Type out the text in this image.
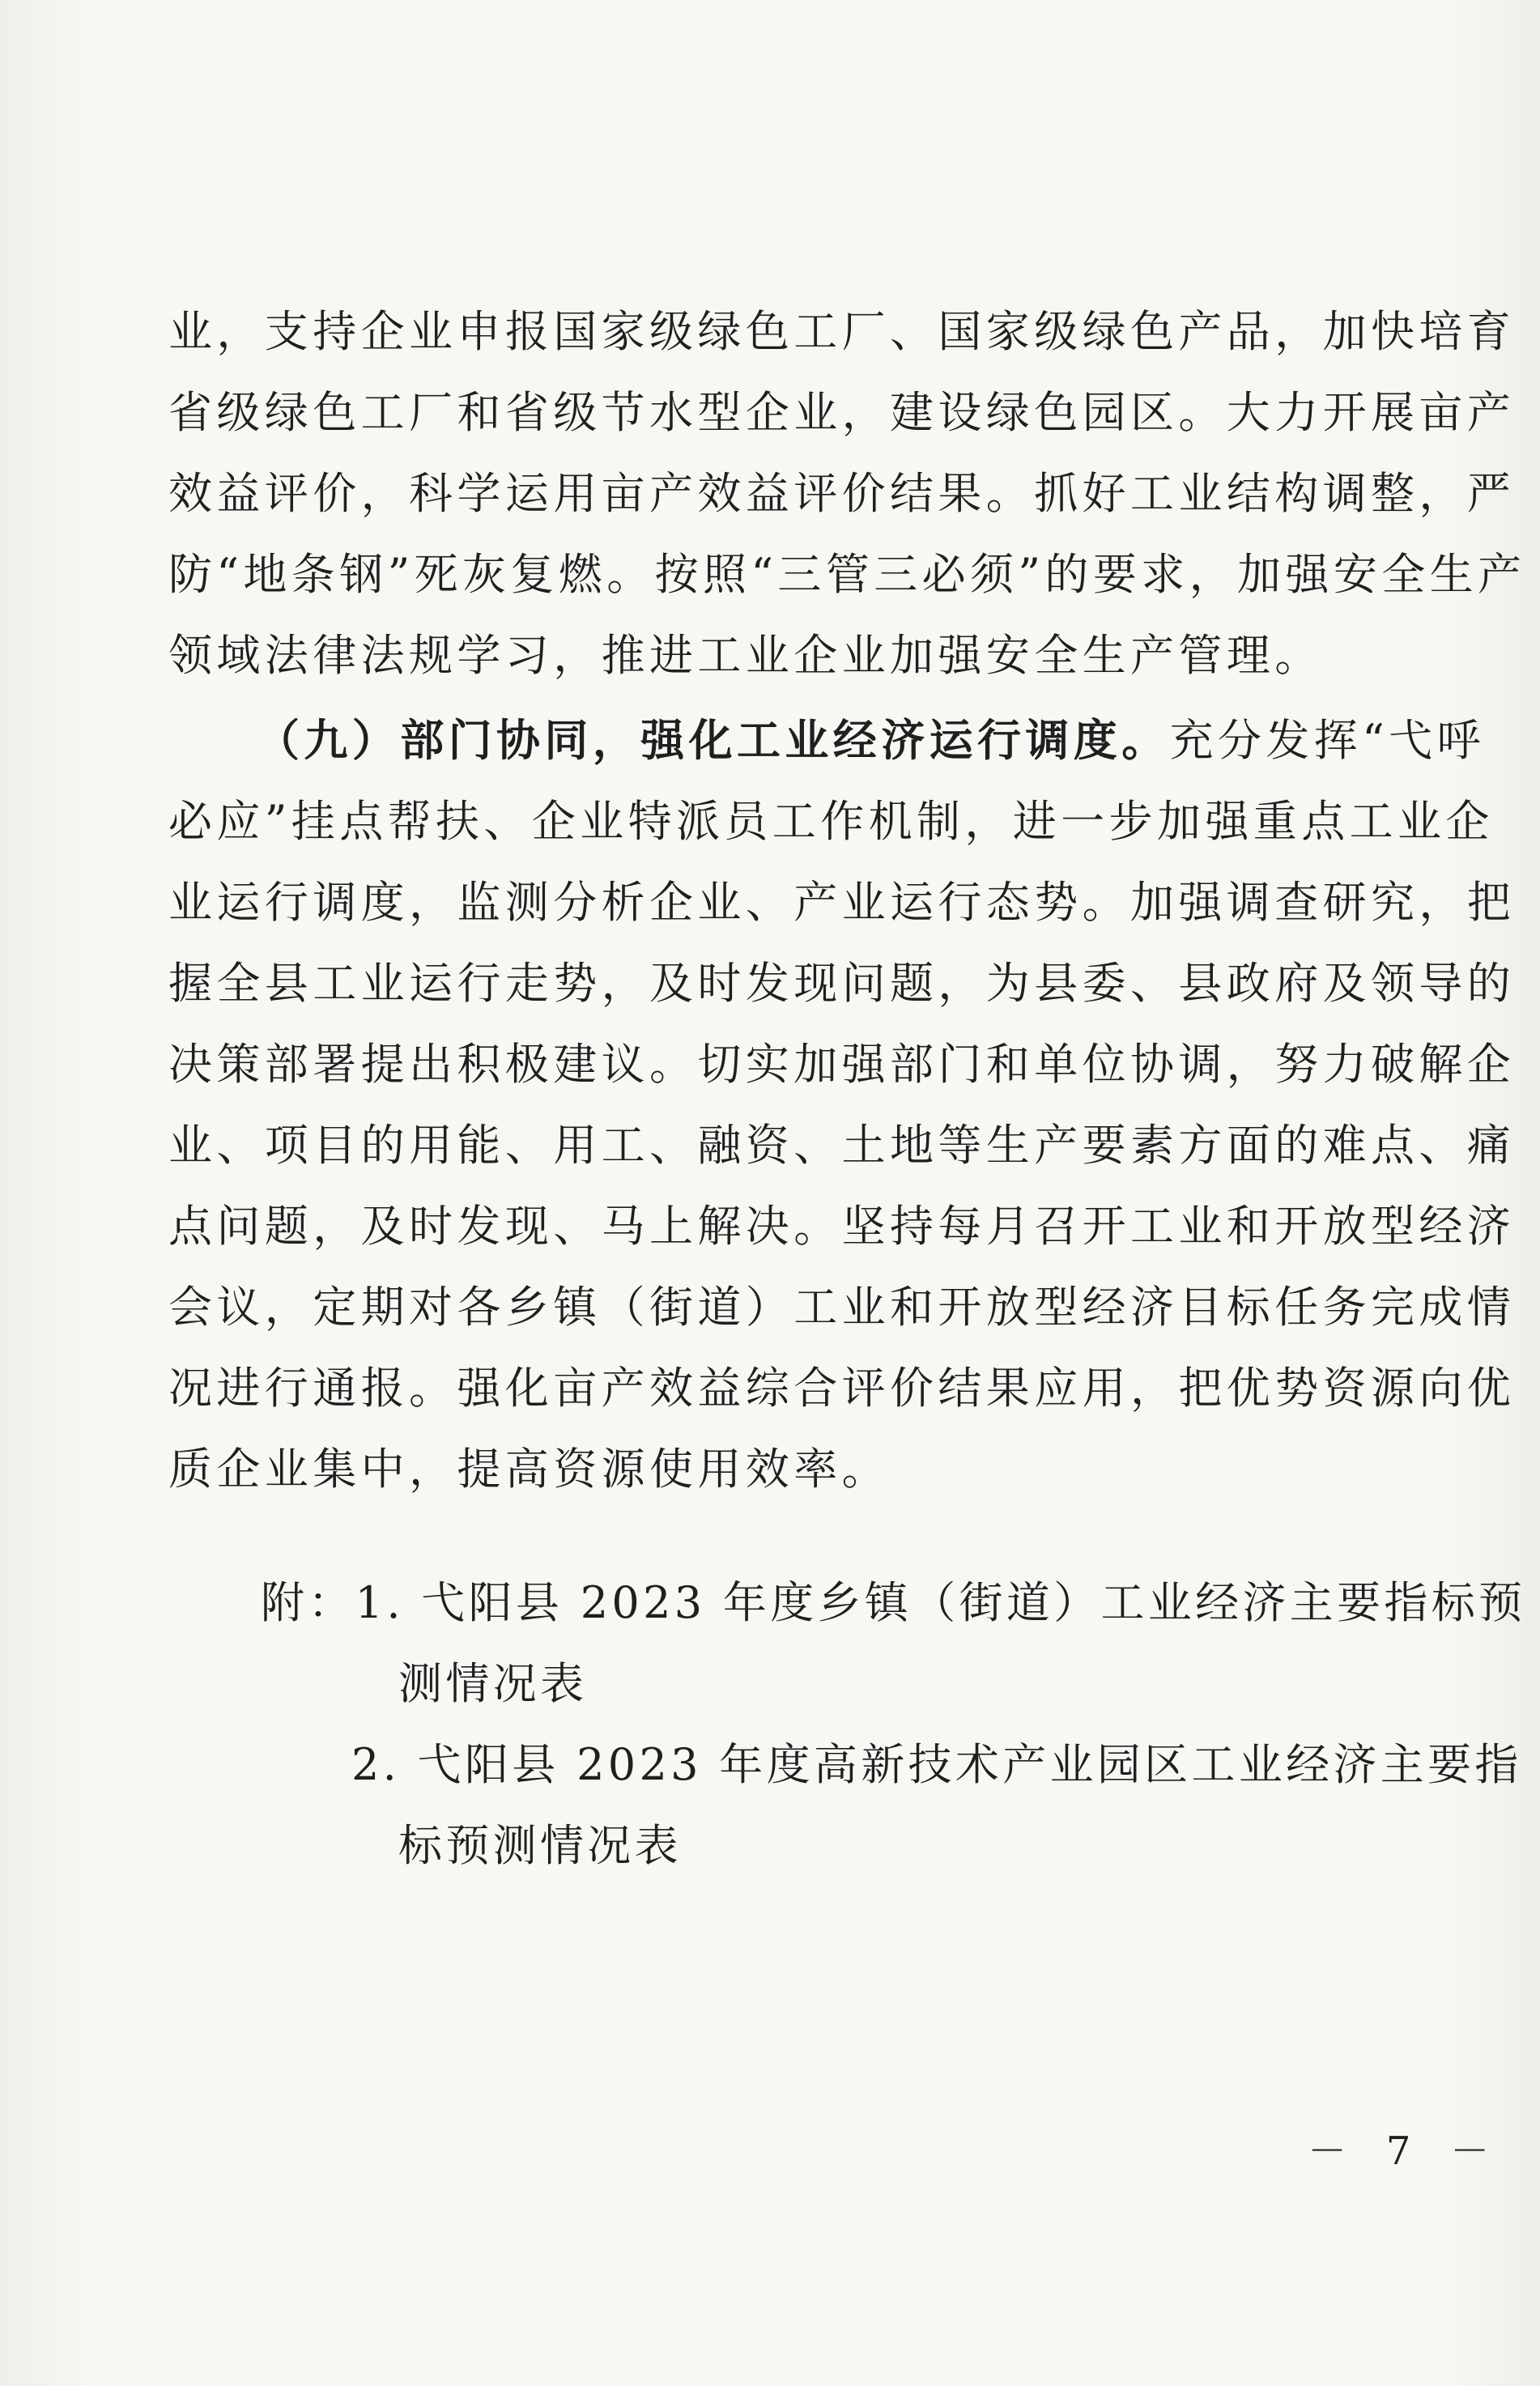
业，支持企业申报国家级绿色工厂、国家级绿色产品，加快培育
省级绿色工厂和省级节水型企业，建设绿色园区。大力开展亩产
效益评价，科学运用亩产效益评价结果。抓好工业结构调整，严
防“地条钢”死灰复燃。按照“三管三必须”的要求，加强安全生产
领域法律法规学习，推进工业企业加强安全生产管理。
（九）部门协同，强化工业经济运行调度。 充分发挥“弋呼
必应”挂点帮扶、企业特派员工作机制，进一步加强重点工业企
业运行调度，监测分析企业、产业运行态势。加强调查研究，把
握全县工业运行走势，及时发现问题，为县委、县政府及领导的
决策部署提出积极建议。切实加强部门和单位协调，努力破解企
业、项目的用能、用工、融资、土地等生产要素方面的难点、痛
点问题，及时发现、马上解决。坚持每月召开工业和开放型经济
会议，定期对各乡镇（街道）工业和开放型经济目标任务完成情
况进行通报。强化亩产效益综合评价结果应用，把优势资源向优
质企业集中，提高资源使用效率。
附： 1. 弋阳县 2023 年度乡镇（街道）工业经济主要指标预
测情况表
2. 弋阳县 2023 年度高新技术产业园区工业经济主要指
标预测情况表
－ 7 －
